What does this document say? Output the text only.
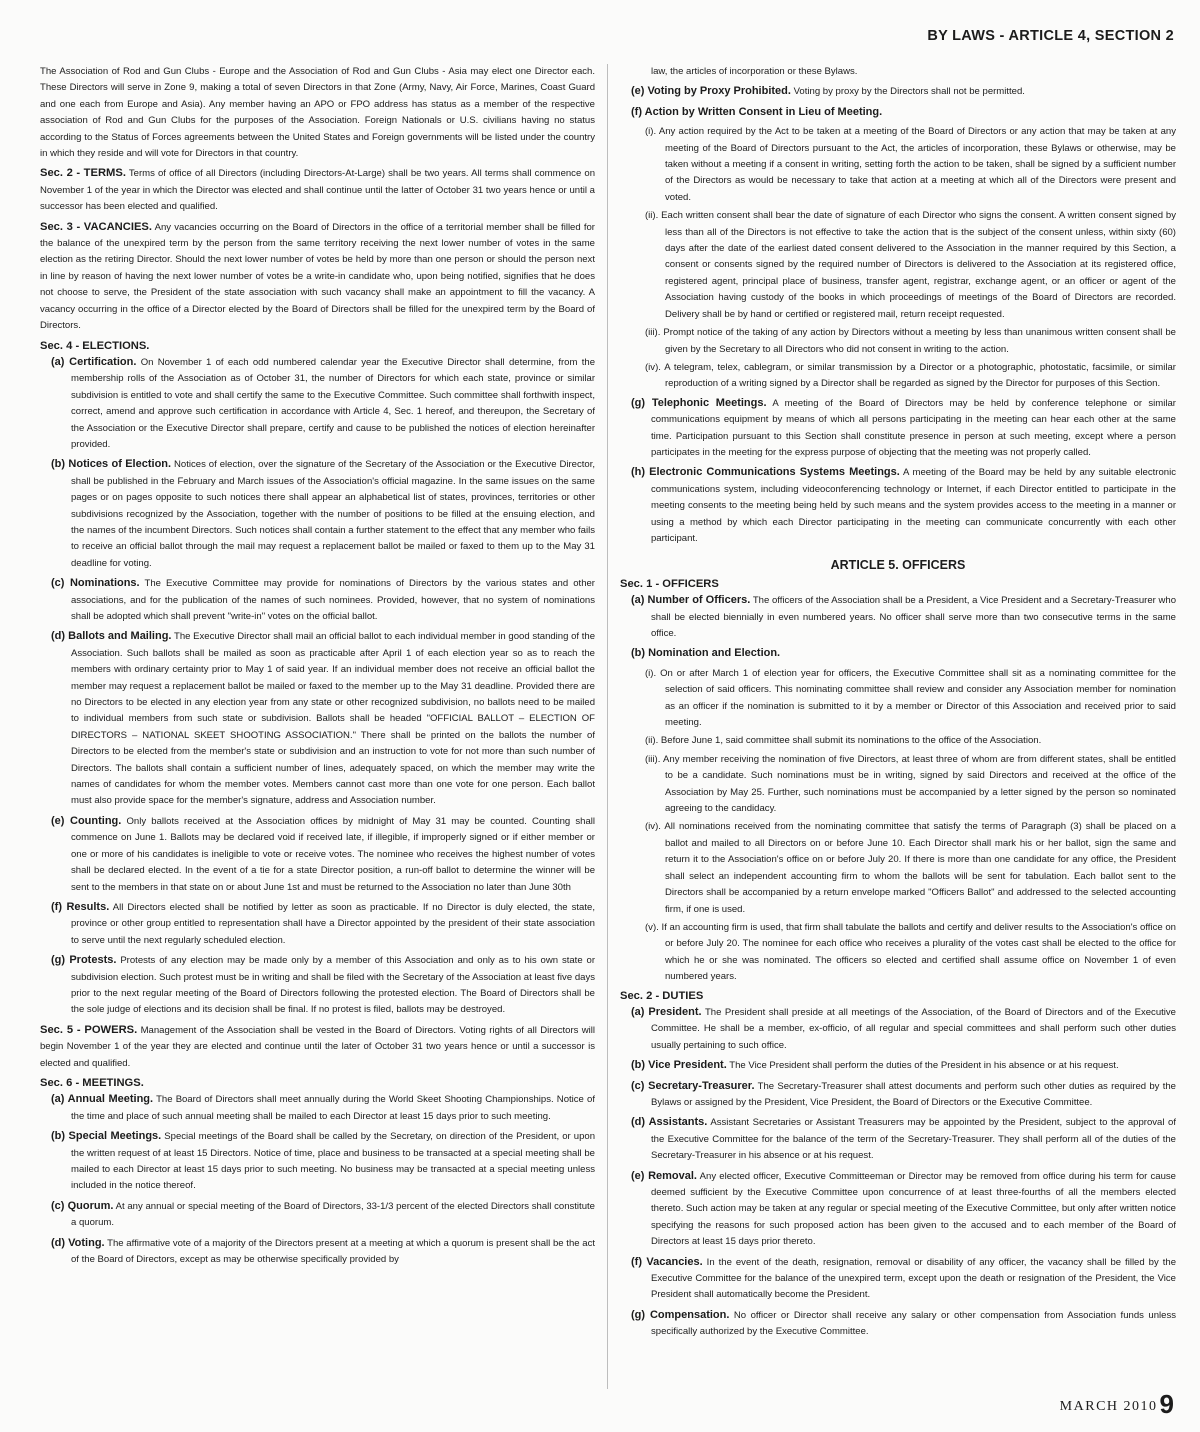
BY LAWS - ARTICLE 4, SECTION 2

The Association of Rod and Gun Clubs - Europe and the Association of Rod and Gun Clubs - Asia may elect one Director each. These Directors will serve in Zone 9, making a total of seven Directors in that Zone (Army, Navy, Air Force, Marines, Coast Guard and one each from Europe and Asia). Any member having an APO or FPO address has status as a member of the respective association of Rod and Gun Clubs for the purposes of the Association. Foreign Nationals or U.S. civilians having no status according to the Status of Forces agreements between the United States and Foreign governments will be listed under the country in which they reside and will vote for Directors in that country.

Sec. 2 - TERMS. Terms of office of all Directors (including Directors-At-Large) shall be two years. All terms shall commence on November 1 of the year in which the Director was elected and shall continue until the latter of October 31 two years hence or until a successor has been elected and qualified.

Sec. 3 - VACANCIES. Any vacancies occurring on the Board of Directors in the office of a territorial member shall be filled for the balance of the unexpired term by the person from the same territory receiving the next lower number of votes in the same election as the retiring Director. Should the next lower number of votes be held by more than one person or should the person next in line by reason of having the next lower number of votes be a write-in candidate who, upon being notified, signifies that he does not choose to serve, the President of the state association with such vacancy shall make an appointment to fill the vacancy. A vacancy occurring in the office of a Director elected by the Board of Directors shall be filled for the unexpired term by the Board of Directors.

Sec. 4 - ELECTIONS.

(a) Certification. On November 1 of each odd numbered calendar year the Executive Director shall determine, from the membership rolls of the Association as of October 31, the number of Directors for which each state, province or similar subdivision is entitled to vote and shall certify the same to the Executive Committee. Such committee shall forthwith inspect, correct, amend and approve such certification in accordance with Article 4, Sec. 1 hereof, and thereupon, the Secretary of the Association or the Executive Director shall prepare, certify and cause to be published the notices of election hereinafter provided.

(b) Notices of Election. Notices of election, over the signature of the Secretary of the Association or the Executive Director, shall be published in the February and March issues of the Association's official magazine. In the same issues on the same pages or on pages opposite to such notices there shall appear an alphabetical list of states, provinces, territories or other subdivisions recognized by the Association, together with the number of positions to be filled at the ensuing election, and the names of the incumbent Directors. Such notices shall contain a further statement to the effect that any member who fails to receive an official ballot through the mail may request a replacement ballot be mailed or faxed to them up to the May 31 deadline for voting.

(c) Nominations. The Executive Committee may provide for nominations of Directors by the various states and other associations, and for the publication of the names of such nominees. Provided, however, that no system of nominations shall be adopted which shall prevent "write-in" votes on the official ballot.

(d) Ballots and Mailing. The Executive Director shall mail an official ballot to each individual member in good standing of the Association. Such ballots shall be mailed as soon as practicable after April 1 of each election year so as to reach the members with ordinary certainty prior to May 1 of said year. If an individual member does not receive an official ballot the member may request a replacement ballot be mailed or faxed to the member up to the May 31 deadline. Provided there are no Directors to be elected in any election year from any state or other recognized subdivision, no ballots need to be mailed to individual members from such state or subdivision. Ballots shall be headed "OFFICIAL BALLOT – ELECTION OF DIRECTORS – NATIONAL SKEET SHOOTING ASSOCIATION." There shall be printed on the ballots the number of Directors to be elected from the member's state or subdivision and an instruction to vote for not more than such number of Directors. The ballots shall contain a sufficient number of lines, adequately spaced, on which the member may write the names of candidates for whom the member votes. Members cannot cast more than one vote for one person. Each ballot must also provide space for the member's signature, address and Association number.

(e) Counting. Only ballots received at the Association offices by midnight of May 31 may be counted. Counting shall commence on June 1. Ballots may be declared void if received late, if illegible, if improperly signed or if either member or one or more of his candidates is ineligible to vote or receive votes. The nominee who receives the highest number of votes shall be declared elected. In the event of a tie for a state Director position, a run-off ballot to determine the winner will be sent to the members in that state on or about June 1st and must be returned to the Association no later than June 30th

(f) Results. All Directors elected shall be notified by letter as soon as practicable. If no Director is duly elected, the state, province or other group entitled to representation shall have a Director appointed by the president of their state association to serve until the next regularly scheduled election.

(g) Protests. Protests of any election may be made only by a member of this Association and only as to his own state or subdivision election. Such protest must be in writing and shall be filed with the Secretary of the Association at least five days prior to the next regular meeting of the Board of Directors following the protested election. The Board of Directors shall be the sole judge of elections and its decision shall be final. If no protest is filed, ballots may be destroyed.

Sec. 5 - POWERS. Management of the Association shall be vested in the Board of Directors. Voting rights of all Directors will begin November 1 of the year they are elected and continue until the later of October 31 two years hence or until a successor is elected and qualified.

Sec. 6 - MEETINGS.

(a) Annual Meeting. The Board of Directors shall meet annually during the World Skeet Shooting Championships. Notice of the time and place of such annual meeting shall be mailed to each Director at least 15 days prior to such meeting.

(b) Special Meetings. Special meetings of the Board shall be called by the Secretary, on direction of the President, or upon the written request of at least 15 Directors. Notice of time, place and business to be transacted at a special meeting shall be mailed to each Director at least 15 days prior to such meeting. No business may be transacted at a special meeting unless included in the notice thereof.

(c) Quorum. At any annual or special meeting of the Board of Directors, 33-1/3 percent of the elected Directors shall constitute a quorum.

(d) Voting. The affirmative vote of a majority of the Directors present at a meeting at which a quorum is present shall be the act of the Board of Directors, except as may be otherwise specifically provided by

law, the articles of incorporation or these Bylaws.

(e) Voting by Proxy Prohibited. Voting by proxy by the Directors shall not be permitted.

(f) Action by Written Consent in Lieu of Meeting.

(i). Any action required by the Act to be taken at a meeting of the Board of Directors or any action that may be taken at any meeting of the Board of Directors pursuant to the Act, the articles of incorporation, these Bylaws or otherwise, may be taken without a meeting if a consent in writing, setting forth the action to be taken, shall be signed by a sufficient number of the Directors as would be necessary to take that action at a meeting at which all of the Directors were present and voted.

(ii). Each written consent shall bear the date of signature of each Director who signs the consent. A written consent signed by less than all of the Directors is not effective to take the action that is the subject of the consent unless, within sixty (60) days after the date of the earliest dated consent delivered to the Association in the manner required by this Section, a consent or consents signed by the required number of Directors is delivered to the Association at its registered office, registered agent, principal place of business, transfer agent, registrar, exchange agent, or an officer or agent of the Association having custody of the books in which proceedings of meetings of the Board of Directors are recorded. Delivery shall be by hand or certified or registered mail, return receipt requested.

(iii). Prompt notice of the taking of any action by Directors without a meeting by less than unanimous written consent shall be given by the Secretary to all Directors who did not consent in writing to the action.

(iv). A telegram, telex, cablegram, or similar transmission by a Director or a photographic, photostatic, facsimile, or similar reproduction of a writing signed by a Director shall be regarded as signed by the Director for purposes of this Section.

(g) Telephonic Meetings. A meeting of the Board of Directors may be held by conference telephone or similar communications equipment by means of which all persons participating in the meeting can hear each other at the same time. Participation pursuant to this Section shall constitute presence in person at such meeting, except where a person participates in the meeting for the express purpose of objecting that the meeting was not properly called.

(h) Electronic Communications Systems Meetings. A meeting of the Board may be held by any suitable electronic communications system, including videoconferencing technology or Internet, if each Director entitled to participate in the meeting consents to the meeting being held by such means and the system provides access to the meeting in a manner or using a method by which each Director participating in the meeting can communicate concurrently with each other participant.

ARTICLE 5. OFFICERS
Sec. 1 - OFFICERS

(a) Number of Officers. The officers of the Association shall be a President, a Vice President and a Secretary-Treasurer who shall be elected biennially in even numbered years. No officer shall serve more than two consecutive terms in the same office.

(b) Nomination and Election.

(i). On or after March 1 of election year for officers, the Executive Committee shall sit as a nominating committee for the selection of said officers. This nominating committee shall review and consider any Association member for nomination as an officer if the nomination is submitted to it by a member or Director of this Association and received prior to said meeting.

(ii). Before June 1, said committee shall submit its nominations to the office of the Association.

(iii). Any member receiving the nomination of five Directors, at least three of whom are from different states, shall be entitled to be a candidate. Such nominations must be in writing, signed by said Directors and received at the office of the Association by May 25. Further, such nominations must be accompanied by a letter signed by the person so nominated agreeing to the candidacy.

(iv). All nominations received from the nominating committee that satisfy the terms of Paragraph (3) shall be placed on a ballot and mailed to all Directors on or before June 10. Each Director shall mark his or her ballot, sign the same and return it to the Association's office on or before July 20. If there is more than one candidate for any office, the President shall select an independent accounting firm to whom the ballots will be sent for tabulation. Each ballot sent to the Directors shall be accompanied by a return envelope marked "Officers Ballot" and addressed to the selected accounting firm, if one is used.

(v). If an accounting firm is used, that firm shall tabulate the ballots and certify and deliver results to the Association's office on or before July 20. The nominee for each office who receives a plurality of the votes cast shall be elected to the office for which he or she was nominated. The officers so elected and certified shall assume office on November 1 of even numbered years.

Sec. 2 - DUTIES

(a) President. The President shall preside at all meetings of the Association, of the Board of Directors and of the Executive Committee. He shall be a member, ex-officio, of all regular and special committees and shall perform such other duties usually pertaining to such office.

(b) Vice President. The Vice President shall perform the duties of the President in his absence or at his request.

(c) Secretary-Treasurer. The Secretary-Treasurer shall attest documents and perform such other duties as required by the Bylaws or assigned by the President, Vice President, the Board of Directors or the Executive Committee.

(d) Assistants. Assistant Secretaries or Assistant Treasurers may be appointed by the President, subject to the approval of the Executive Committee for the balance of the term of the Secretary-Treasurer. They shall perform all of the duties of the Secretary-Treasurer in his absence or at his request.

(e) Removal. Any elected officer, Executive Committeeman or Director may be removed from office during his term for cause deemed sufficient by the Executive Committee upon concurrence of at least three-fourths of all the members elected thereto. Such action may be taken at any regular or special meeting of the Executive Committee, but only after written notice specifying the reasons for such proposed action has been given to the accused and to each member of the Board of Directors at least 15 days prior thereto.

(f) Vacancies. In the event of the death, resignation, removal or disability of any officer, the vacancy shall be filled by the Executive Committee for the balance of the unexpired term, except upon the death or resignation of the President, the Vice President shall automatically become the President.

(g) Compensation. No officer or Director shall receive any salary or other compensation from Association funds unless specifically authorized by the Executive Committee.

MARCH 20109
